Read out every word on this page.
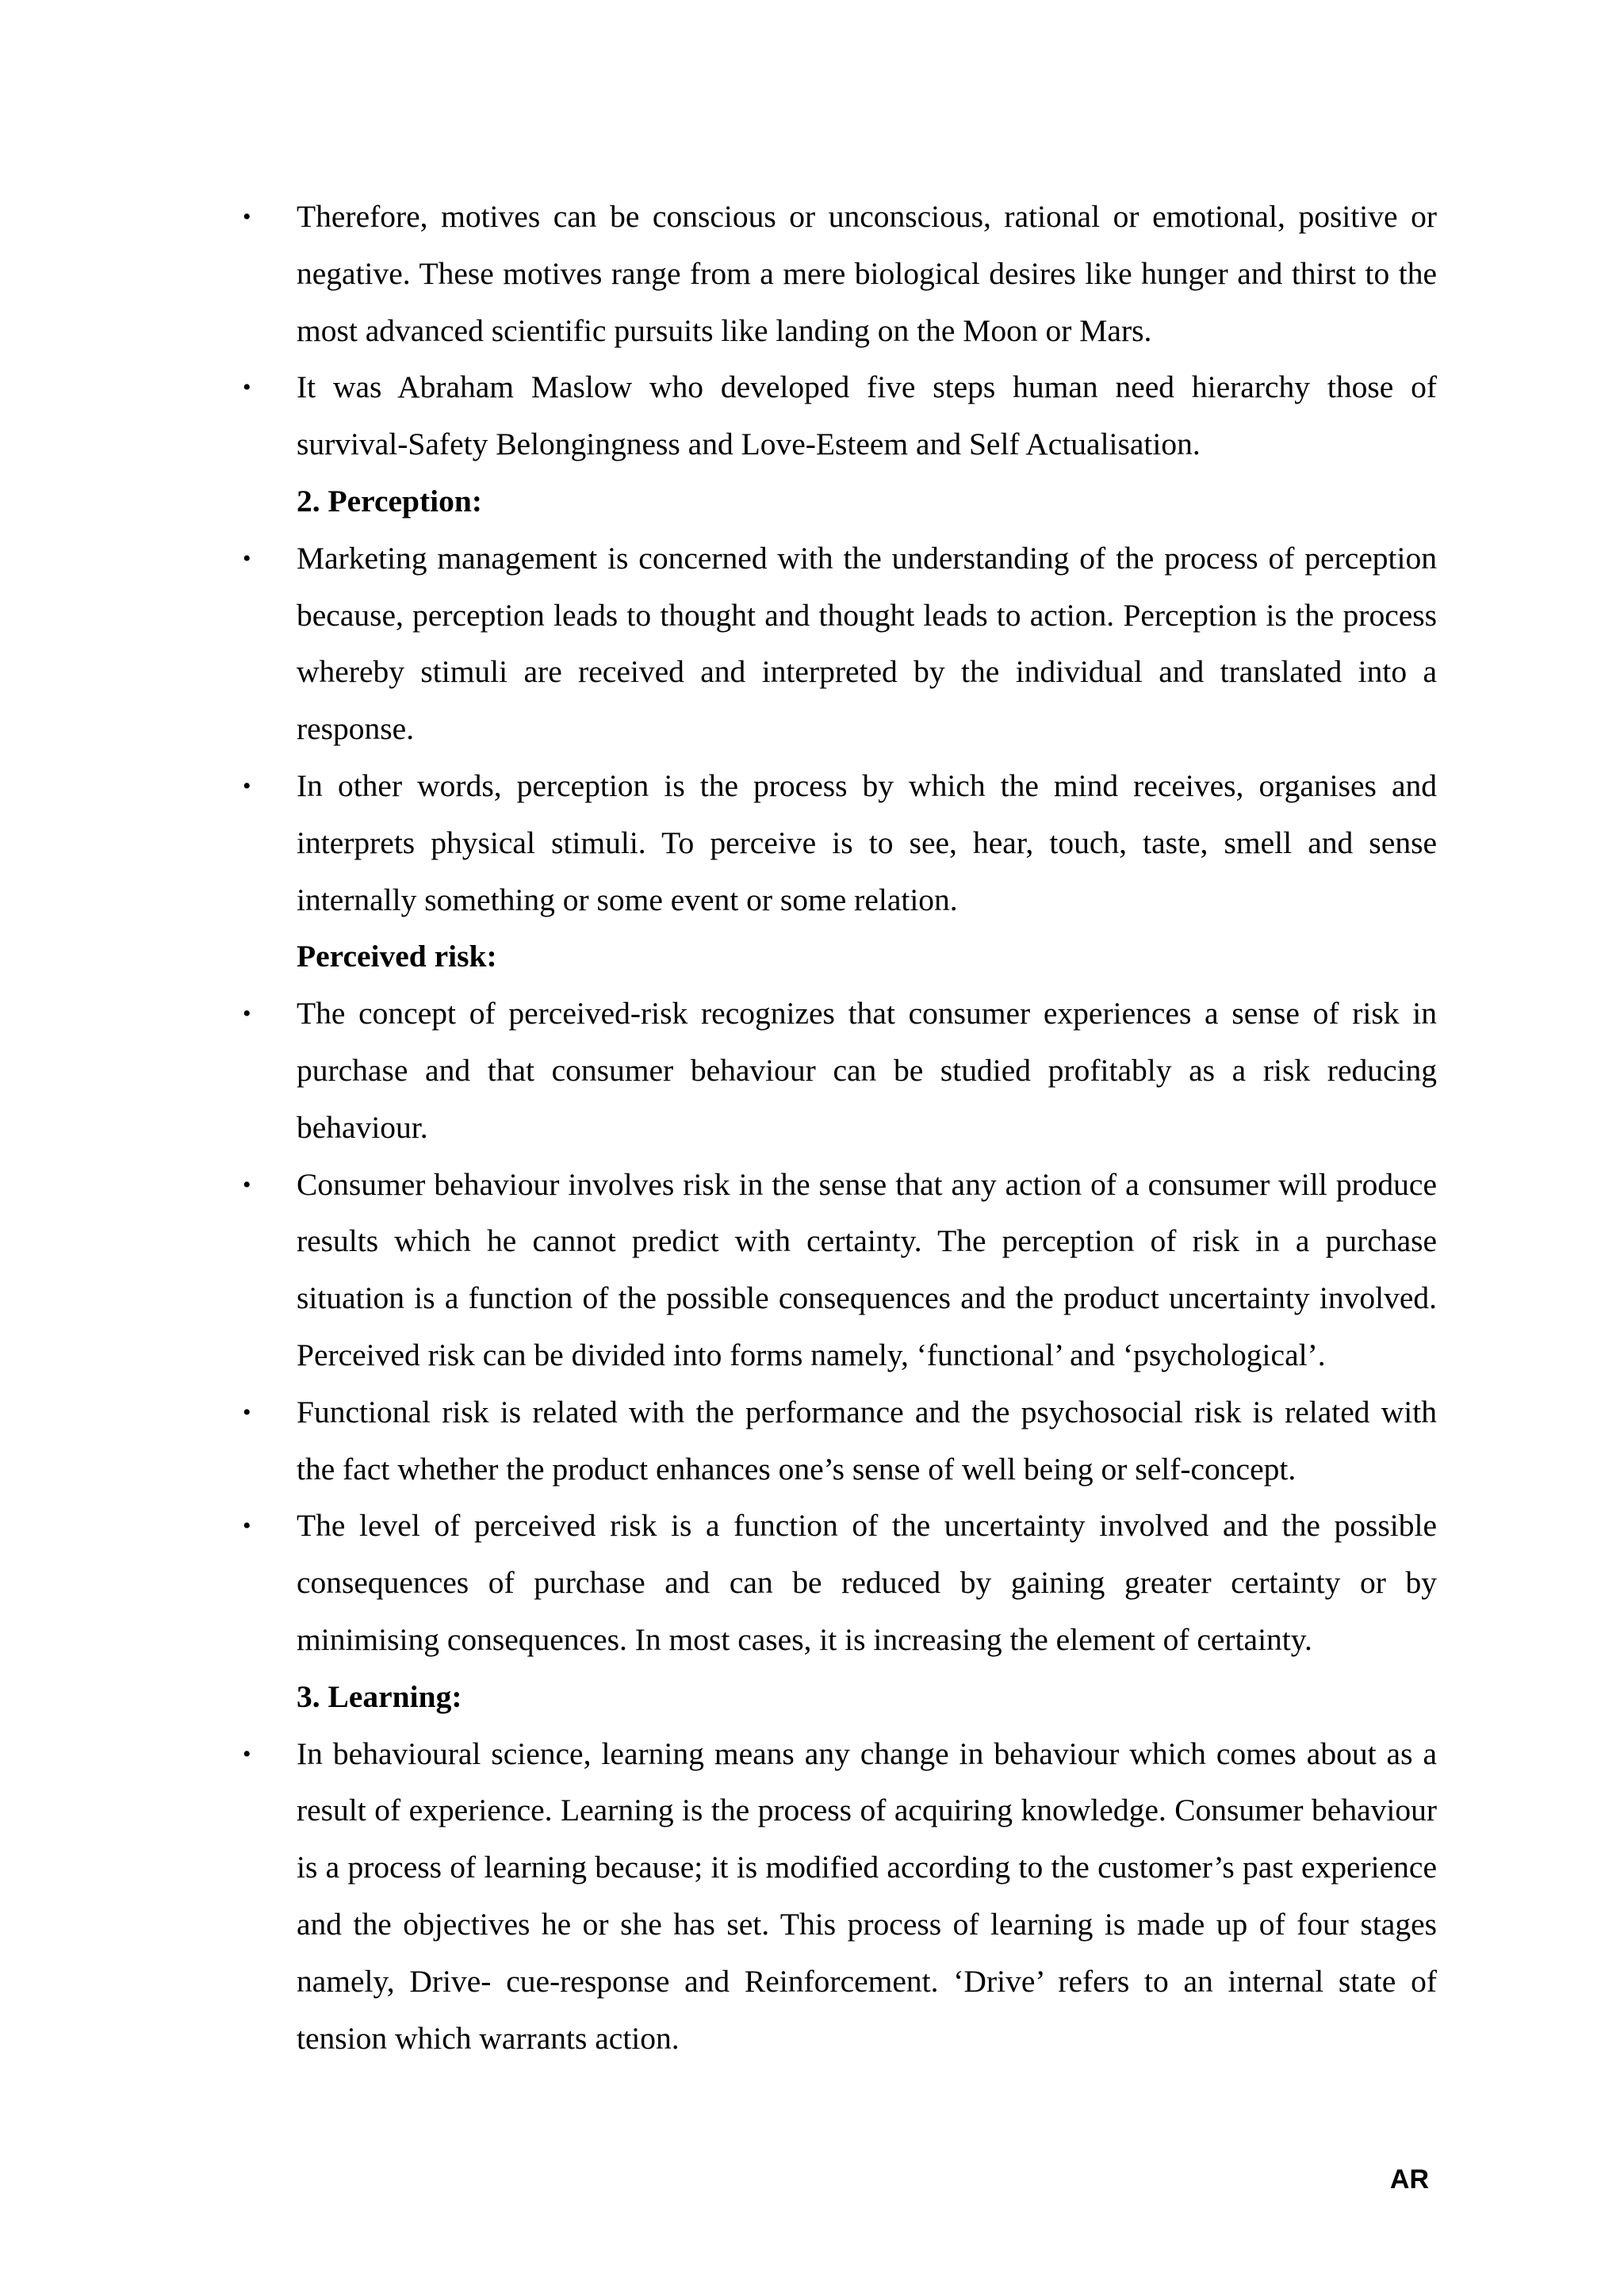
•	Therefore, motives can be conscious or unconscious, rational or emotional, positive or negative. These motives range from a mere biological desires like hunger and thirst to the most advanced scientific pursuits like landing on the Moon or Mars.

•	It was Abraham Maslow who developed five steps human need hierarchy those of survival-Safety Belongingness and Love-Esteem and Self Actualisation.

2. Perception:

•	Marketing management is concerned with the understanding of the process of perception because, perception leads to thought and thought leads to action. Perception is the process whereby stimuli are received and interpreted by the individual and translated into a response.

•	In other words, perception is the process by which the mind receives, organises and interprets physical stimuli. To perceive is to see, hear, touch, taste, smell and sense internally something or some event or some relation.

Perceived risk:

•	The concept of perceived-risk recognizes that consumer experiences a sense of risk in purchase and that consumer behaviour can be studied profitably as a risk reducing behaviour.

•	Consumer behaviour involves risk in the sense that any action of a consumer will produce results which he cannot predict with certainty. The perception of risk in a purchase situation is a function of the possible consequences and the product uncertainty involved. Perceived risk can be divided into forms namely, ‘functional’ and ‘psychological’.

•	Functional risk is related with the performance and the psychosocial risk is related with the fact whether the product enhances one’s sense of well being or self-concept.

•	The level of perceived risk is a function of the uncertainty involved and the possible consequences of purchase and can be reduced by gaining greater certainty or by minimising consequences. In most cases, it is increasing the element of certainty.

3. Learning:

•	In behavioural science, learning means any change in behaviour which comes about as a result of experience. Learning is the process of acquiring knowledge. Consumer behaviour is a process of learning because; it is modified according to the customer’s past experience and the objectives he or she has set. This process of learning is made up of four stages namely, Drive- cue-response and Reinforcement. ‘Drive’ refers to an internal state of tension which warrants action.

AR
